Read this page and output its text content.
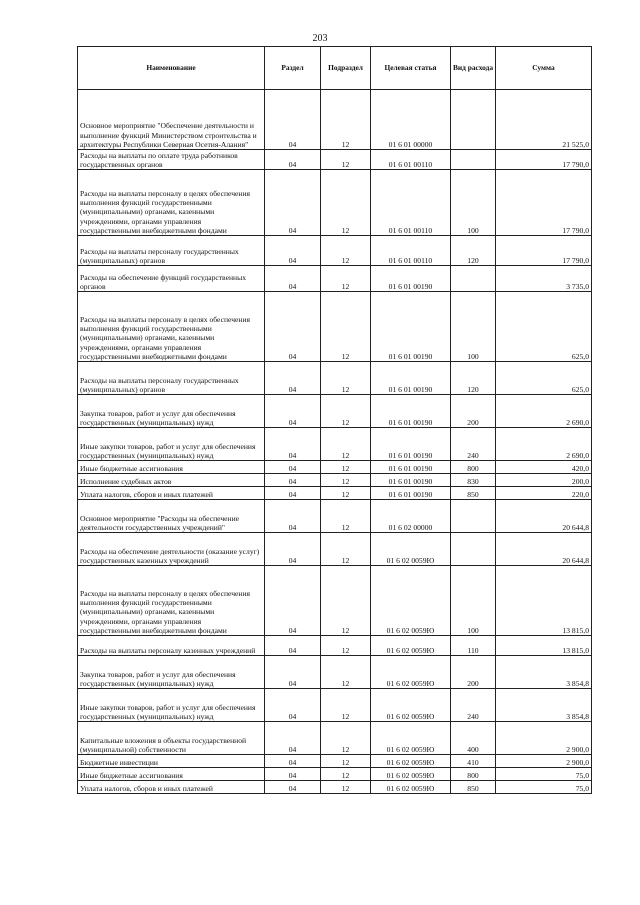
203
Наименование	Раздел	Подраздел	Целевая статья	Вид расхода	Сумма
Основное мероприятие "Обеспечение деятельности и выполнение функций Министерством строительства и архитектуры Республики Северная Осетия-Алания"	04	12	01 6 01 00000		21 525,0
Расходы на выплаты по оплате труда работников государственных органов	04	12	01 6 01 00110		17 790,0
Расходы на выплаты персоналу в целях обеспечения выполнения функций государственными (муниципальными) органами, казенными учреждениями, органами управления государственными внебюджетными фондами	04	12	01 6 01 00110	100	17 790,0
Расходы на выплаты персоналу государственных (муниципальных) органов	04	12	01 6 01 00110	120	17 790,0
Расходы на обеспечение функций государственных органов	04	12	01 6 01 00190		3 735,0
Расходы на выплаты персоналу в целях обеспечения выполнения функций государственными (муниципальными) органами, казенными учреждениями, органами управления государственными внебюджетными фондами	04	12	01 6 01 00190	100	625,0
Расходы на выплаты персоналу государственных (муниципальных) органов	04	12	01 6 01 00190	120	625,0
Закупка товаров, работ и услуг для обеспечения государственных (муниципальных) нужд	04	12	01 6 01 00190	200	2 690,0
Иные закупки товаров, работ и услуг для обеспечения государственных (муниципальных) нужд	04	12	01 6 01 00190	240	2 690,0
Иные бюджетные ассигнования	04	12	01 6 01 00190	800	420,0
Исполнение судебных актов	04	12	01 6 01 00190	830	200,0
Уплата налогов, сборов и иных платежей	04	12	01 6 01 00190	850	220,0
Основное мероприятие "Расходы на обеспечение деятельности государственных учреждений"	04	12	01 6 02 00000		20 644,8
Расходы на обеспечение деятельности (оказание услуг) государственных казенных учреждений	04	12	01 6 02 0059Ю		20 644,8
Расходы на выплаты персоналу в целях обеспечения выполнения функций государственными (муниципальными) органами, казенными учреждениями, органами управления государственными внебюджетными фондами	04	12	01 6 02 0059Ю	100	13 815,0
Расходы на выплаты персоналу казенных учреждений	04	12	01 6 02 0059Ю	110	13 815,0
Закупка товаров, работ и услуг для обеспечения государственных (муниципальных) нужд	04	12	01 6 02 0059Ю	200	3 854,8
Иные закупки товаров, работ и услуг для обеспечения государственных (муниципальных) нужд	04	12	01 6 02 0059Ю	240	3 854,8
Капитальные вложения в объекты государственной (муниципальной) собственности	04	12	01 6 02 0059Ю	400	2 900,0
Бюджетные инвестиции	04	12	01 6 02 0059Ю	410	2 900,0
Иные бюджетные ассигнования	04	12	01 6 02 0059Ю	800	75,0
Уплата налогов, сборов и иных платежей	04	12	01 6 02 0059Ю	850	75,0
